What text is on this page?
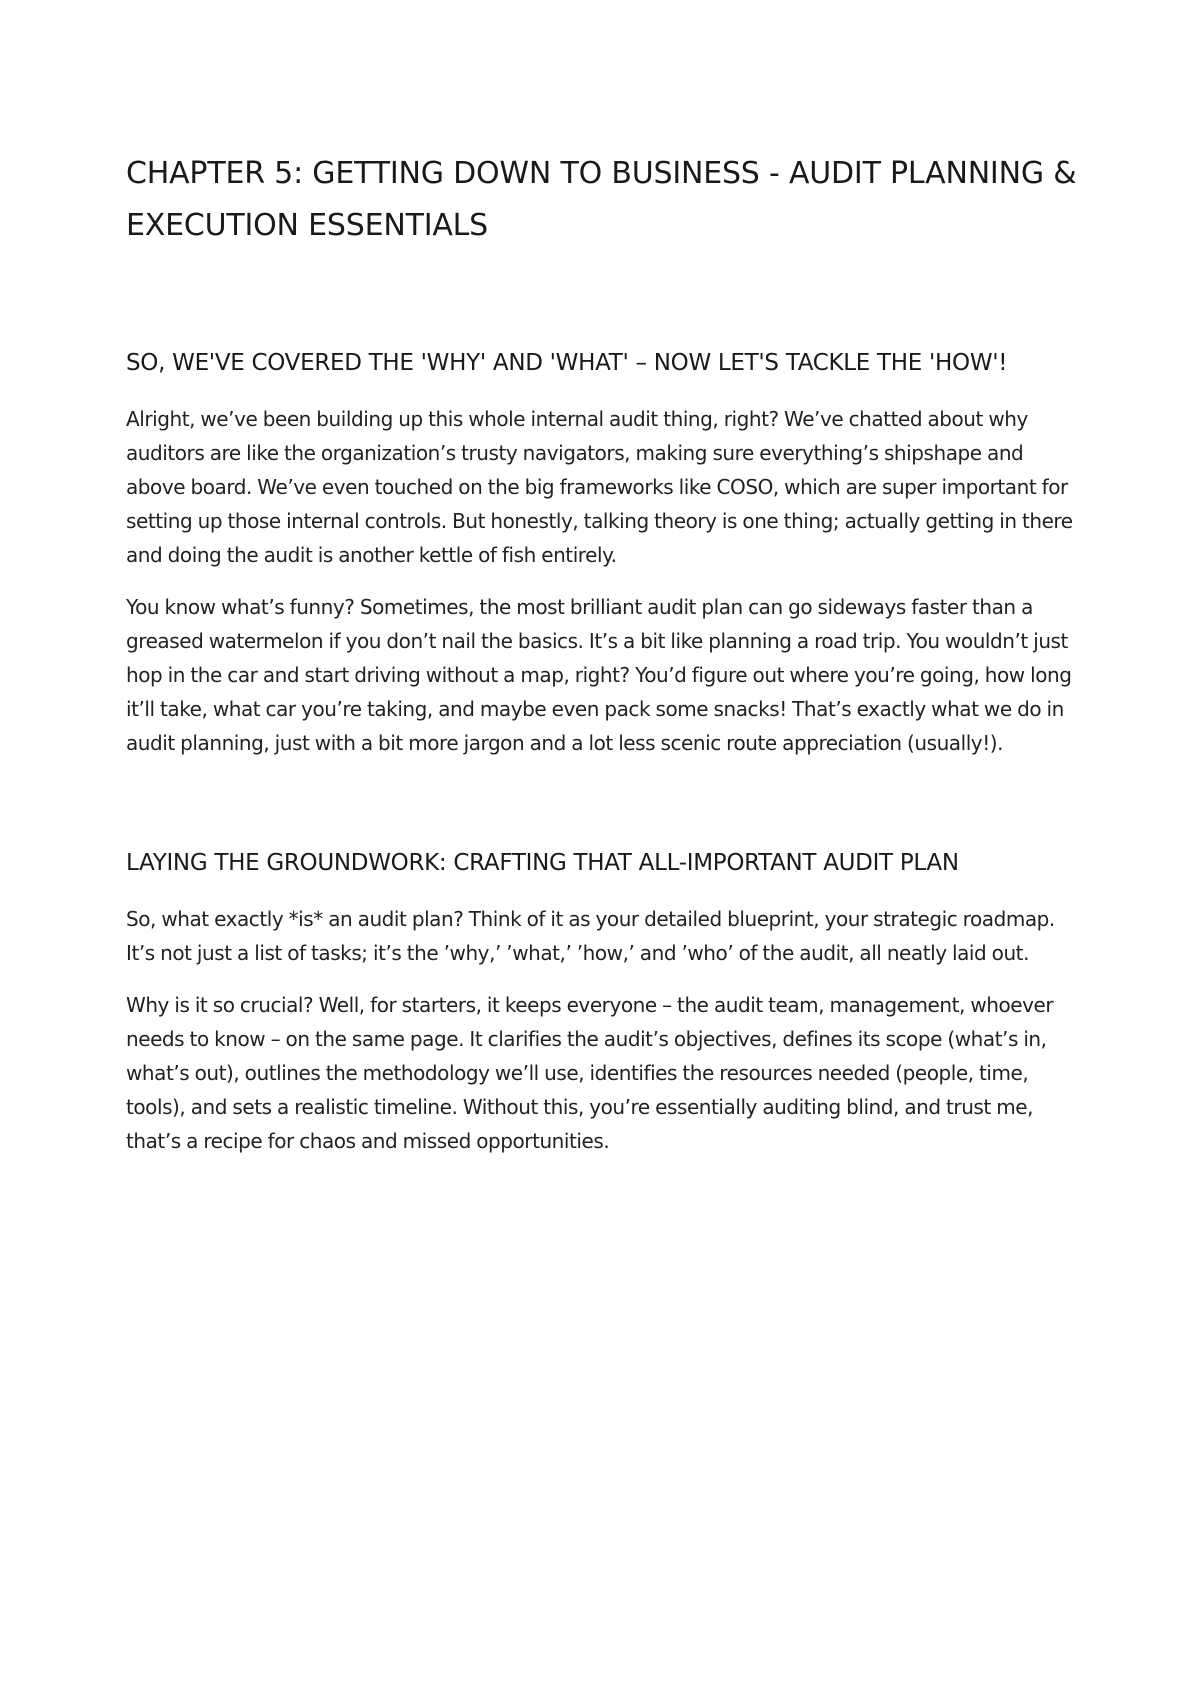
CHAPTER 5: GETTING DOWN TO BUSINESS - AUDIT PLANNING & EXECUTION ESSENTIALS
SO, WE'VE COVERED THE 'WHY' AND 'WHAT' – NOW LET'S TACKLE THE 'HOW'!

Alright, we’ve been building up this whole internal audit thing, right? We’ve chatted about why auditors are like the organization’s trusty navigators, making sure everything’s shipshape and above board. We’ve even touched on the big frameworks like COSO, which are super important for setting up those internal controls. But honestly, talking theory is one thing; actually getting in there and doing the audit is another kettle of fish entirely.

You know what’s funny? Sometimes, the most brilliant audit plan can go sideways faster than a greased watermelon if you don’t nail the basics. It’s a bit like planning a road trip. You wouldn’t just hop in the car and start driving without a map, right? You’d figure out where you’re going, how long it’ll take, what car you’re taking, and maybe even pack some snacks! That’s exactly what we do in audit planning, just with a bit more jargon and a lot less scenic route appreciation (usually!).

LAYING THE GROUNDWORK: CRAFTING THAT ALL-IMPORTANT AUDIT PLAN

So, what exactly *is* an audit plan? Think of it as your detailed blueprint, your strategic roadmap. It’s not just a list of tasks; it’s the ’why,’ ’what,’ ’how,’ and ’who’ of the audit, all neatly laid out.

Why is it so crucial? Well, for starters, it keeps everyone – the audit team, management, whoever needs to know – on the same page. It clarifies the audit’s objectives, defines its scope (what’s in, what’s out), outlines the methodology we’ll use, identifies the resources needed (people, time, tools), and sets a realistic timeline. Without this, you’re essentially auditing blind, and trust me, that’s a recipe for chaos and missed opportunities.
